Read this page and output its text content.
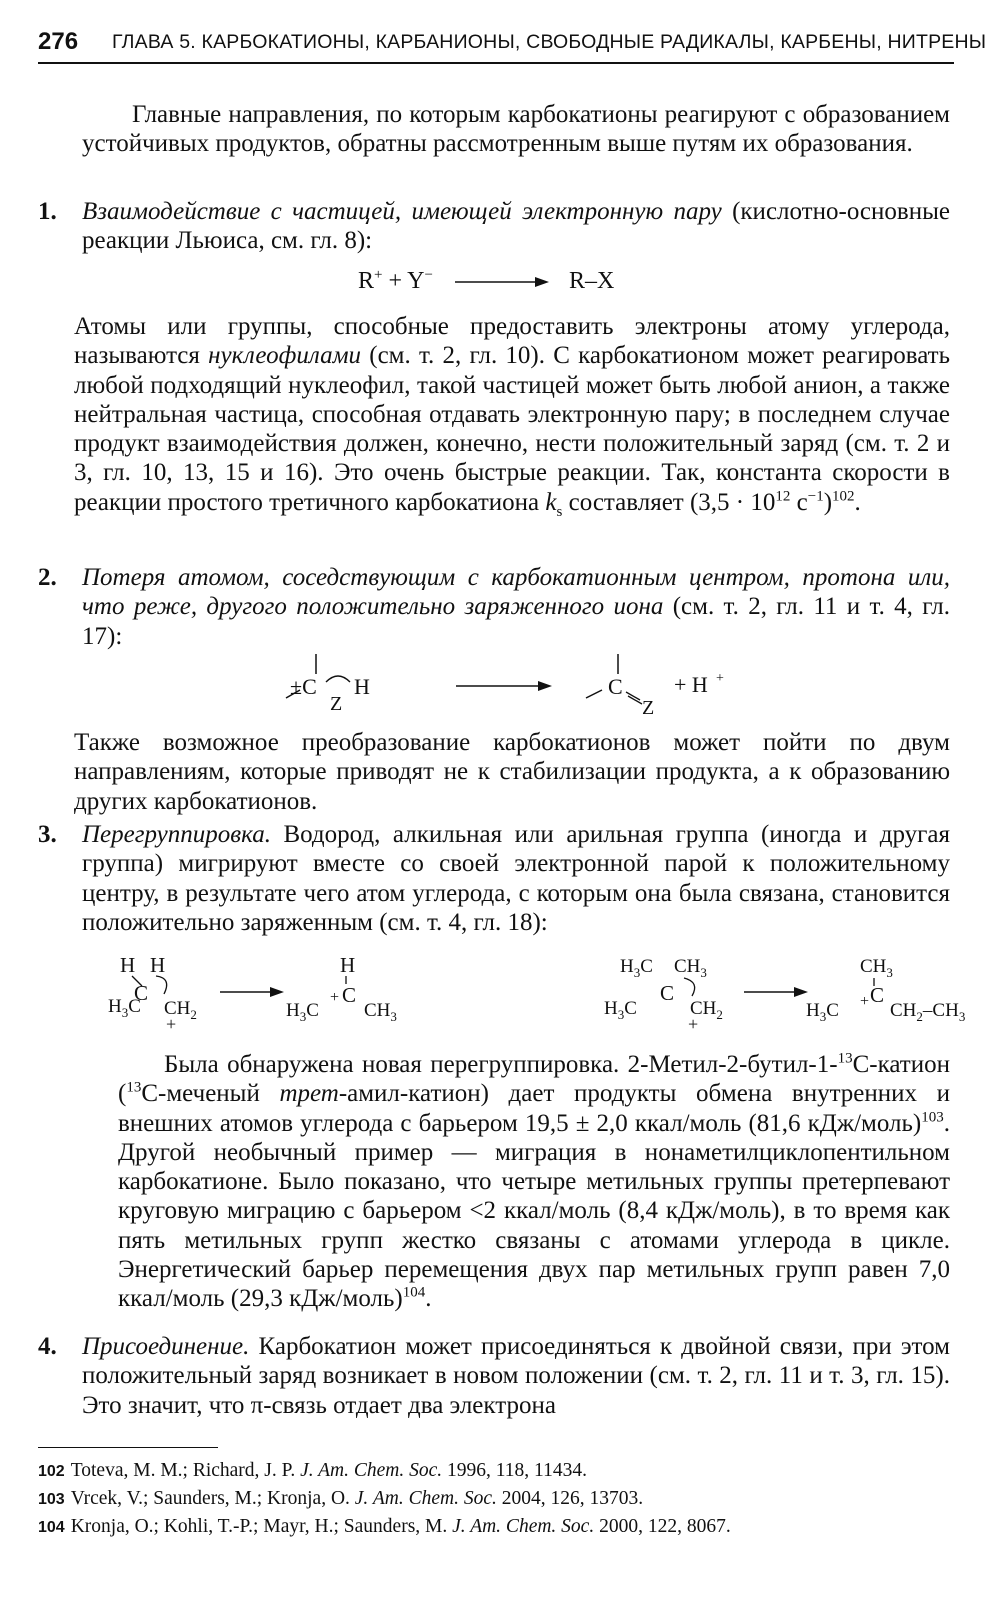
276 ГЛАВА 5. КАРБОКАТИОНЫ, КАРБАНИОНЫ, СВОБОДНЫЕ РАДИКАЛЫ, КАРБЕНЫ, НИТРЕНЫ
Главные направления, по которым карбокатионы реагируют с образованием устойчивых продуктов, обратны рассмотренным выше путям их образования.
1. Взаимодействие с частицей, имеющей электронную пару (кислотно-основные реакции Льюиса, см. гл. 8):
R+ + Y−	R–X
Атомы или группы, способные предоставить электроны атому углерода, называются нуклеофилами (см. т. 2, гл. 10). С карбокатионом может реагировать любой подходящий нуклеофил, такой частицей может быть любой анион, а также нейтральная частица, способная отдавать электронную пару; в последнем случае продукт взаимодействия должен, конечно, нести положительный заряд (см. т. 2 и 3, гл. 10, 13, 15 и 16). Это очень быстрые реакции. Так, константа скорости в реакции простого третичного карбокатиона $k_s$ составляет ($3,5 \cdot 10^{12}$ $с^{-1})^{102}$.
2. Потеря атомом, соседствующим с карбокатионным центром, протона или, что реже, другого положительно заряженного иона (см. т. 2, гл. 11 и т. 4, гл. 17):
±C
Z
H	C
Z
+ H +
Также возможное преобразование карбокатионов может пойти по двум направлениям, которые приводят не к стабилизации продукта, а к образованию других карбокатионов.
3. Перегруппировка. Водород, алкильная или арильная группа (иногда и другая группа) мигрируют вместе со своей электронной парой к положительному центру, в результате чего атом углерода, с которым она была связана, становится положительно заряженным (см. т. 4, гл. 18):
H H
C
$H_3C$ $CH_2$
+
H
+ C
$H_3C$ $CH_3$
$H_3C$ $CH_3$
C
$H_3C$	$CH_2$
+
$CH_3$
+ C
$H_3C$	$CH_2-CH_3$
Была обнаружена новая перегруппировка. 2-Метил-2-бутил-1-$^{13}$С-катион ($^{13}$С-меченый трет-амил-катион) дает продукты обмена внутренних и внешних атомов углерода с барьером 19,5 ± 2,0 ккал/моль (81,6 кДж/моль)$^{103}$. Другой необычный пример — миграция в нонаметилциклопентильном карбокатионе. Было показано, что четыре метильных группы претерпевают круговую миграцию с барьером <2 ккал/моль (8,4 кДж/моль), в то время как пять метильных групп жестко связаны с атомами углерода в цикле. Энергетический барьер перемещения двух пар метильных групп равен 7,0 ккал/моль (29,3 кДж/моль)$^{104}$.
4. Присоединение. Карбокатион может присоединяться к двойной связи, при этом положительный заряд возникает в новом положении (см. т. 2, гл. 11 и т. 3, гл. 15). Это значит, что π-связь отдает два электрона
102 Toteva, M. M.; Richard, J. P. J. Am. Chem. Soc. 1996, 118, 11434.
103 Vrcek, V.; Saunders, M.; Kronja, O. J. Am. Chem. Soc. 2004, 126, 13703.
104 Kronja, O.; Kohli, T.-P.; Mayr, H.; Saunders, M. J. Am. Chem. Soc. 2000, 122, 8067.
